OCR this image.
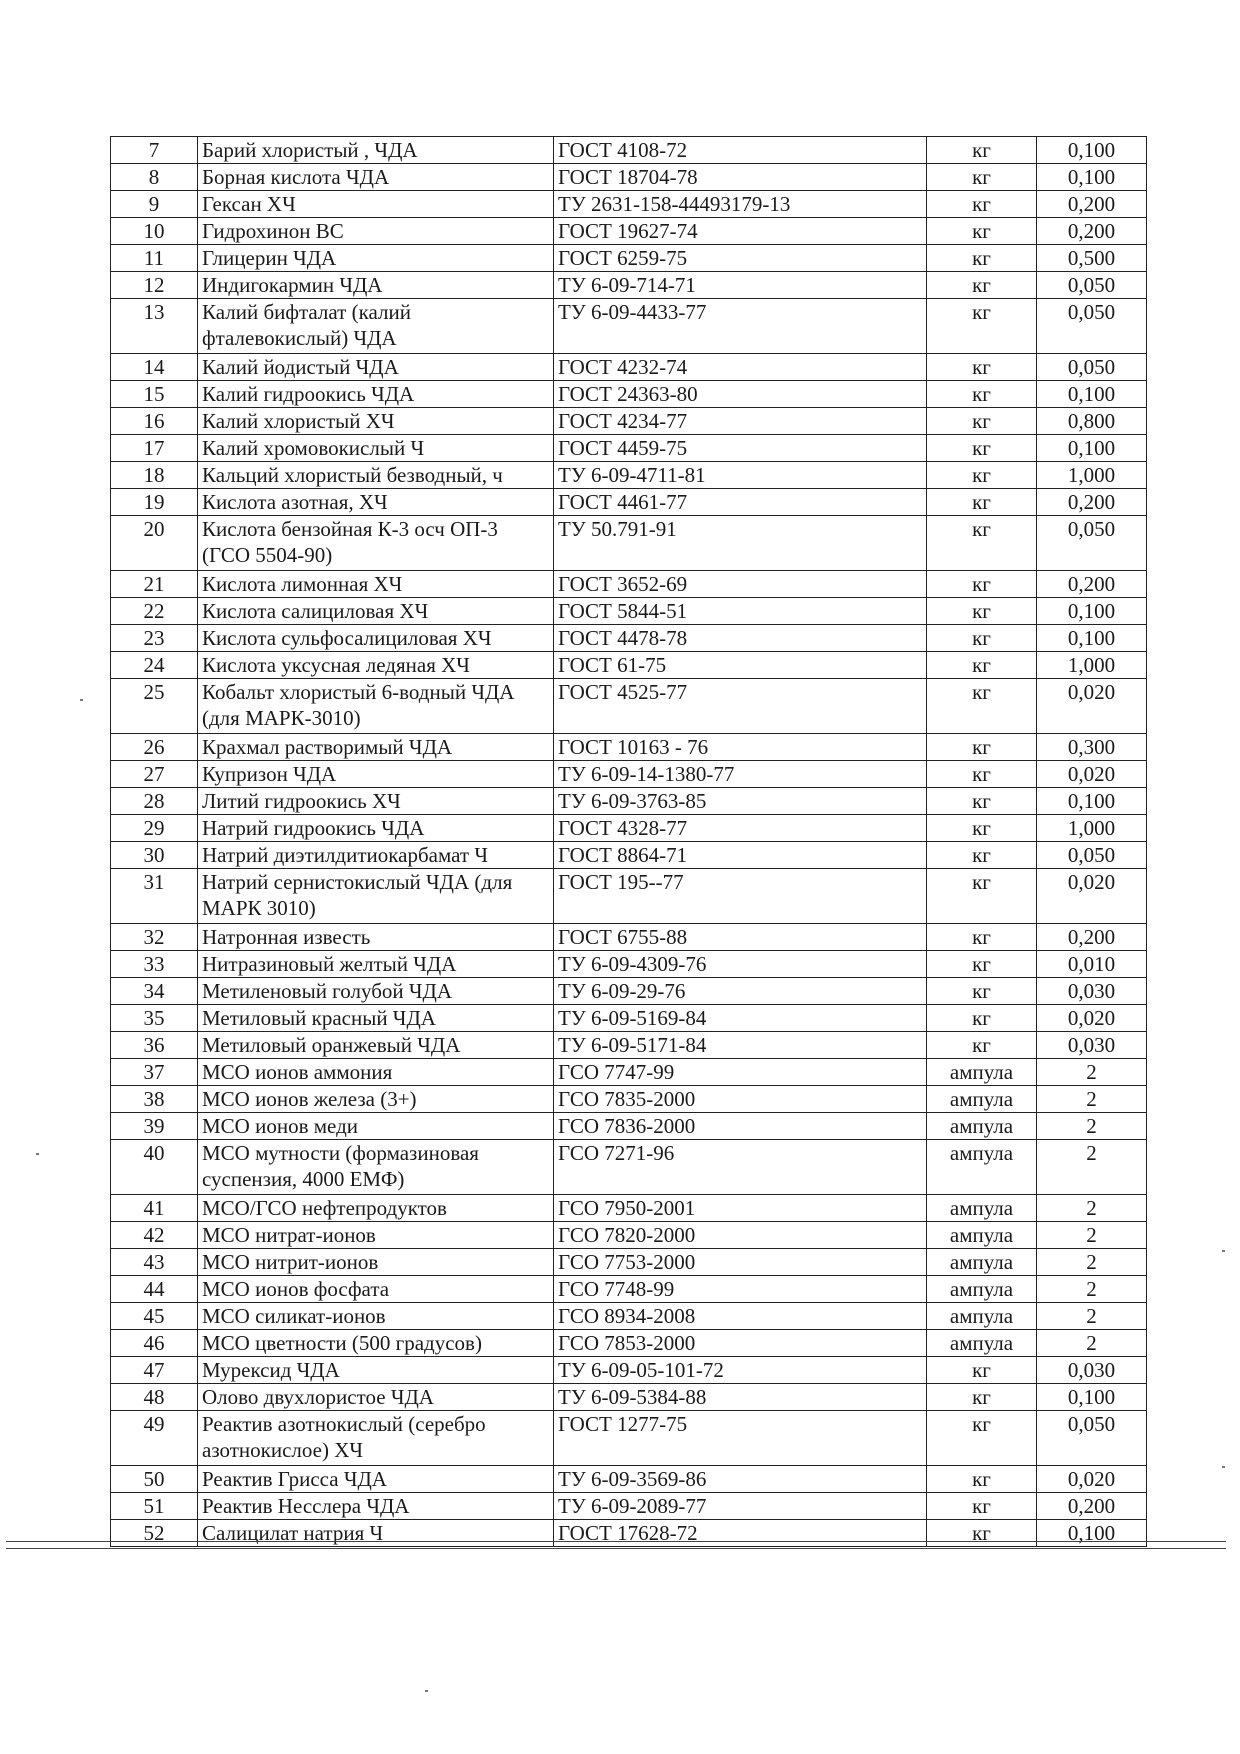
7	Барий хлористый , ЧДА	ГОСТ 4108-72	кг	0,100
8	Борная кислота ЧДА	ГОСТ 18704-78	кг	0,100
9	Гексан ХЧ	ТУ 2631-158-44493179-13	кг	0,200
10	Гидрохинон ВС	ГОСТ 19627-74	кг	0,200
11	Глицерин ЧДА	ГОСТ 6259-75	кг	0,500
12	Индигокармин ЧДА	ТУ 6-09-714-71	кг	0,050
13	Калий бифталат (калий фталевокислый) ЧДА	ТУ 6-09-4433-77	кг	0,050
14	Калий йодистый ЧДА	ГОСТ 4232-74	кг	0,050
15	Калий гидроокись ЧДА	ГОСТ 24363-80	кг	0,100
16	Калий хлористый ХЧ	ГОСТ 4234-77	кг	0,800
17	Калий хромовокислый Ч	ГОСТ 4459-75	кг	0,100
18	Кальций хлористый безводный, ч	ТУ 6-09-4711-81	кг	1,000
19	Кислота азотная, ХЧ	ГОСТ 4461-77	кг	0,200
20	Кислота бензойная К-3 осч ОП-3 (ГСО 5504-90)	ТУ 50.791-91	кг	0,050
21	Кислота лимонная ХЧ	ГОСТ 3652-69	кг	0,200
22	Кислота салициловая ХЧ	ГОСТ 5844-51	кг	0,100
23	Кислота сульфосалициловая ХЧ	ГОСТ 4478-78	кг	0,100
24	Кислота уксусная ледяная ХЧ	ГОСТ 61-75	кг	1,000
25	Кобальт хлористый 6-водный ЧДА (для МАРК-3010)	ГОСТ 4525-77	кг	0,020
26	Крахмал растворимый ЧДА	ГОСТ 10163 - 76	кг	0,300
27	Купризон ЧДА	ТУ 6-09-14-1380-77	кг	0,020
28	Литий гидроокись ХЧ	ТУ 6-09-3763-85	кг	0,100
29	Натрий гидроокись ЧДА	ГОСТ 4328-77	кг	1,000
30	Натрий диэтилдитиокарбамат Ч	ГОСТ 8864-71	кг	0,050
31	Натрий сернистокислый ЧДА (для МАРК 3010)	ГОСТ 195--77	кг	0,020
32	Натронная известь	ГОСТ 6755-88	кг	0,200
33	Нитразиновый желтый ЧДА	ТУ 6-09-4309-76	кг	0,010
34	Метиленовый голубой ЧДА	ТУ 6-09-29-76	кг	0,030
35	Метиловый красный ЧДА	ТУ 6-09-5169-84	кг	0,020
36	Метиловый оранжевый ЧДА	ТУ 6-09-5171-84	кг	0,030
37	МСО ионов аммония	ГСО 7747-99	ампула	2
38	МСО ионов железа (3+)	ГСО 7835-2000	ампула	2
39	МСО ионов меди	ГСО 7836-2000	ампула	2
40	МСО мутности (формазиновая суспензия, 4000 ЕМФ)	ГСО 7271-96	ампула	2
41	МСО/ГСО нефтепродуктов	ГСО 7950-2001	ампула	2
42	МСО нитрат-ионов	ГСО 7820-2000	ампула	2
43	МСО нитрит-ионов	ГСО 7753-2000	ампула	2
44	МСО ионов фосфата	ГСО 7748-99	ампула	2
45	МСО силикат-ионов	ГСО 8934-2008	ампула	2
46	МСО цветности (500 градусов)	ГСО 7853-2000	ампула	2
47	Мурексид ЧДА	ТУ 6-09-05-101-72	кг	0,030
48	Олово двухлористое ЧДА	ТУ 6-09-5384-88	кг	0,100
49	Реактив азотнокислый (серебро азотнокислое) ХЧ	ГОСТ 1277-75	кг	0,050
50	Реактив Грисса ЧДА	ТУ 6-09-3569-86	кг	0,020
51	Реактив Несслера ЧДА	ТУ 6-09-2089-77	кг	0,200
52	Салицилат натрия Ч	ГОСТ 17628-72	кг	0,100
